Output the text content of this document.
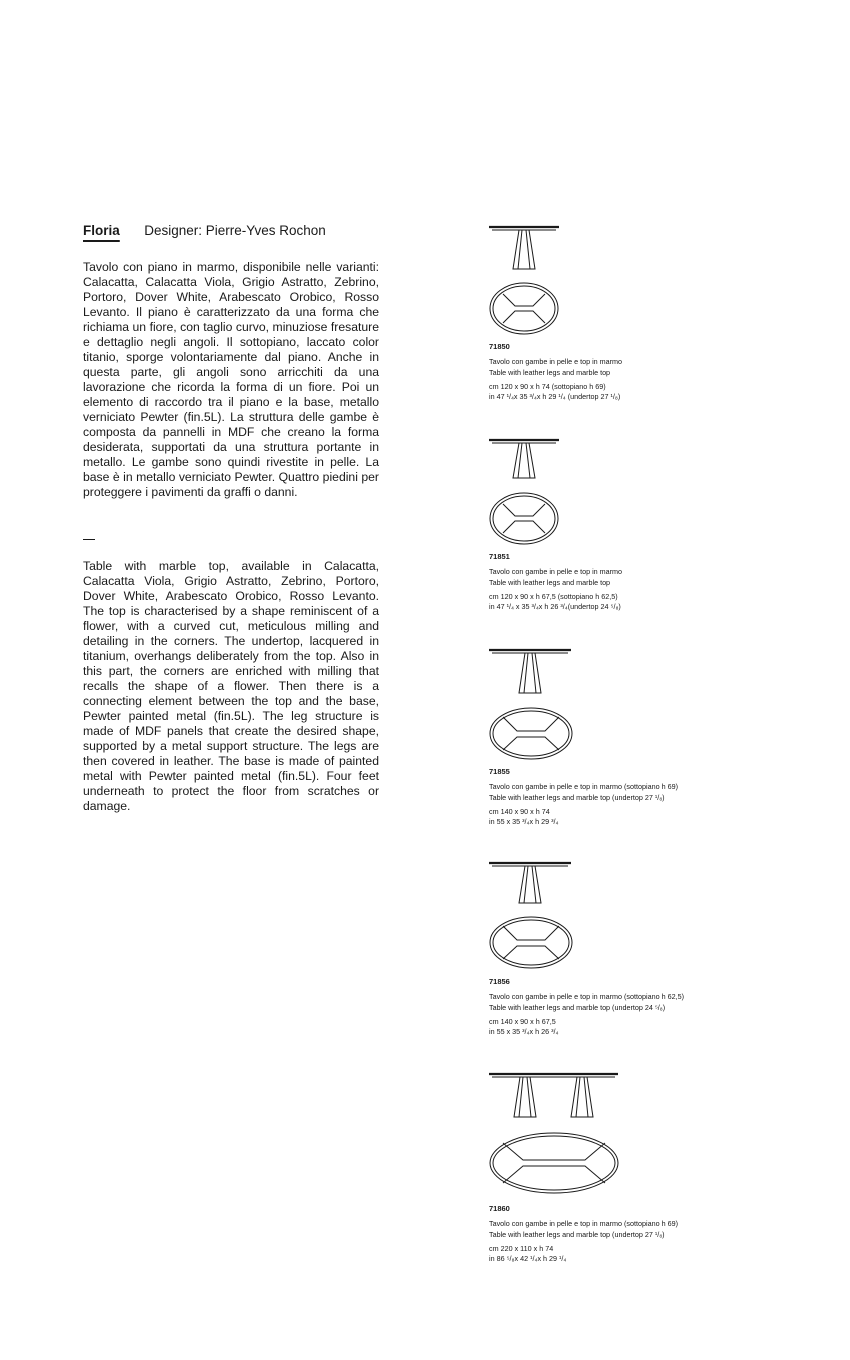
Floria Designer: Pierre-Yves Rochon
Tavolo con piano in marmo, disponibile nelle varianti: Calacatta, Calacatta Viola, Grigio Astratto, Zebrino, Portoro, Dover White, Arabescato Orobico, Rosso Levanto. Il piano è caratterizzato da una forma che richiama un fiore, con taglio curvo, minuziose fresature e dettaglio negli angoli. Il sottopiano, laccato color titanio, sporge volontariamente dal piano. Anche in questa parte, gli angoli sono arricchiti da una lavorazione che ricorda la forma di un fiore. Poi un elemento di raccordo tra il piano e la base, metallo verniciato Pewter (fin.5L). La struttura delle gambe è composta da pannelli in MDF che creano la forma desiderata, supportati da una struttura portante in metallo. Le gambe sono quindi rivestite in pelle. La base è in metallo verniciato Pewter. Quattro piedini per proteggere i pavimenti da graffi o danni.
Table with marble top, available in Calacatta, Calacatta Viola, Grigio Astratto, Zebrino, Portoro, Dover White, Arabescato Orobico, Rosso Levanto. The top is characterised by a shape reminiscent of a flower, with a curved cut, meticulous milling and detailing in the corners. The undertop, lacquered in titanium, overhangs deliberately from the top. Also in this part, the corners are enriched with milling that recalls the shape of a flower. Then there is a connecting element between the top and the base, Pewter painted metal (fin.5L). The leg structure is made of MDF panels that create the desired shape, supported by a metal support structure. The legs are then covered in leather. The base is made of painted metal with Pewter painted metal (fin.5L). Four feet underneath to protect the floor from scratches or damage.
71850
Tavolo con gambe in pelle e top in marmo
Table with leather legs and marble top
cm 120 x 90 x h 74 (sottopiano h 69)
in 47 ¹/₄x 35 ³/₄x h 29 ¹/₄ (undertop 27 ¹/₈)
71851
Tavolo con gambe in pelle e top in marmo
Table with leather legs and marble top
cm 120 x 90 x h 67,5 (sottopiano h 62,5)
in 47 ¹/₄ x 35 ³/₄x h 26 ³/₄(undertop 24 ⁵/₈)
71855
Tavolo con gambe in pelle e top in marmo (sottopiano h 69)
Table with leather legs and marble top (undertop 27 ¹/₈)
cm 140 x 90 x h 74
in 55 x 35 ³/₄x h 29 ³/₄
71856
Tavolo con gambe in pelle e top in marmo (sottopiano h 62,5)
Table with leather legs and marble top (undertop 24 ⁵/₈)
cm 140 x 90 x h 67,5
in 55 x 35 ³/₄x h 26 ³/₄
71860
Tavolo con gambe in pelle e top in marmo (sottopiano h 69)
Table with leather legs and marble top (undertop 27 ¹/₈)
cm 220 x 110 x h 74
in 86 ⁵/₈x 42 ¹/₄x h 29 ¹/₄
